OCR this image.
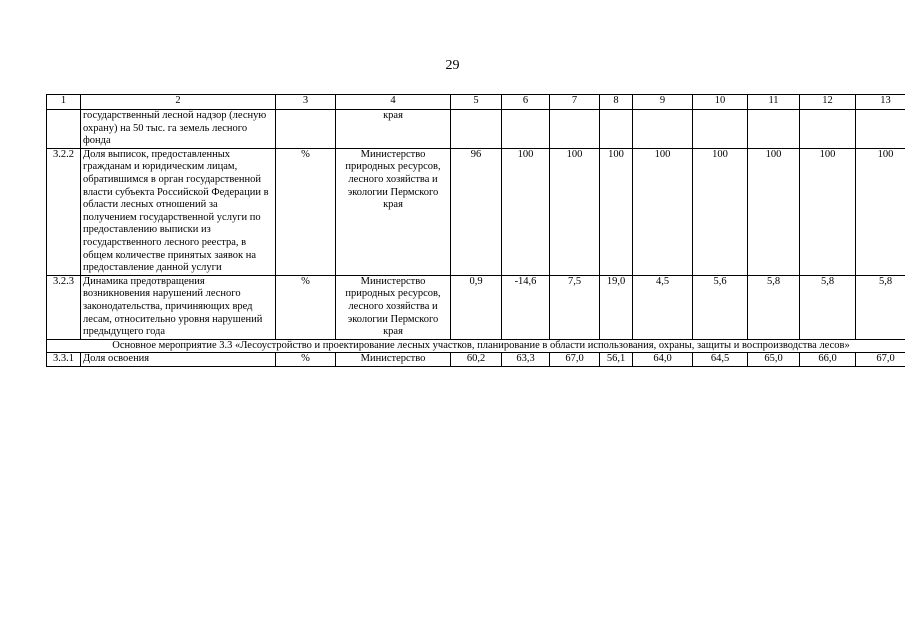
29
1	2	3	4	5	6	7	8	9	10	11	12	13
	государственный лесной надзор (лесную охрану) на 50 тыс. га земель лесного фонда		края									
3.2.2	Доля выписок, предоставленных гражданам и юридическим лицам, обратившимся в орган государственной власти субъекта Российской Федерации в области лесных отношений за получением государственной услуги по предоставлению выписки из государственного лесного реестра, в общем количестве принятых заявок на предоставление данной услуги	%	Министерство природных ресурсов, лесного хозяйства и экологии Пермского края	96	100	100	100	100	100	100	100	100
3.2.3	Динамика предотвращения возникновения нарушений лесного законодательства, причиняющих вред лесам, относительно уровня нарушений предыдущего года	%	Министерство природных ресурсов, лесного хозяйства и экологии Пермского края	0,9	-14,6	7,5	19,0	4,5	5,6	5,8	5,8	5,8
Основное мероприятие 3.3 «Лесоустройство и проектирование лесных участков, планирование в области использования, охраны, защиты и воспроизводства лесов»												
3.3.1	Доля освоения	%	Министерство	60,2	63,3	67,0	56,1	64,0	64,5	65,0	66,0	67,0
